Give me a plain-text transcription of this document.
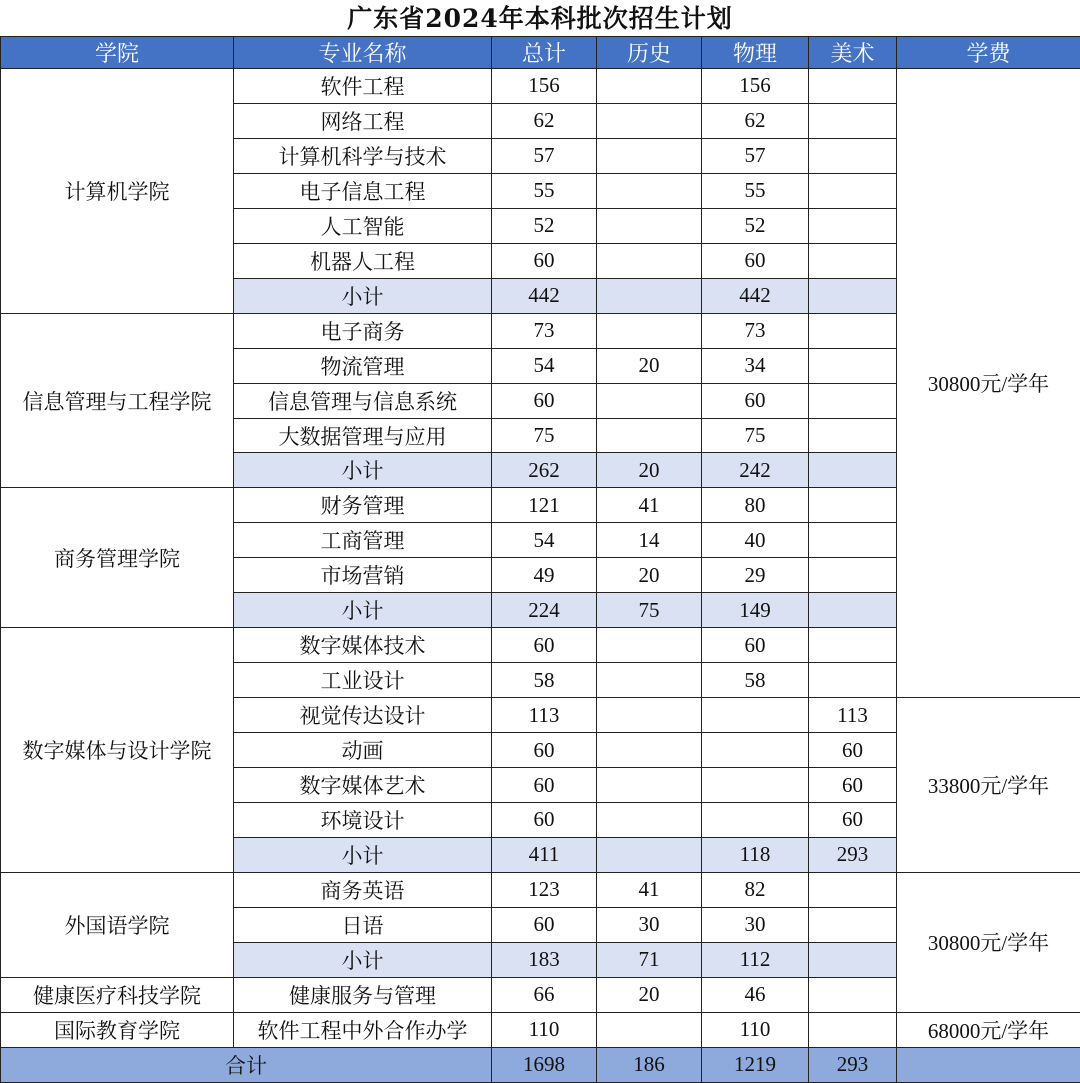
广东省2024年本科批次招生计划
学院	专业名称	总计	历史	物理	美术	学费
计算机学院	软件工程	156		156		30800元/学年
	网络工程	62		62		
	计算机科学与技术	57		57		
	电子信息工程	55		55		
	人工智能	52		52		
	机器人工程	60		60		
	小计	442		442		
信息管理与工程学院	电子商务	73		73		
	物流管理	54	20	34		
	信息管理与信息系统	60		60		
	大数据管理与应用	75		75		
	小计	262	20	242		
商务管理学院	财务管理	121	41	80		
	工商管理	54	14	40		
	市场营销	49	20	29		
	小计	224	75	149		
数字媒体与设计学院	数字媒体技术	60		60		
	工业设计	58		58		
	视觉传达设计	113			113	33800元/学年
	动画	60			60	
	数字媒体艺术	60			60	
	环境设计	60			60	
	小计	411		118	293	
外国语学院	商务英语	123	41	82		30800元/学年
	日语	60	30	30		
	小计	183	71	112		
健康医疗科技学院	健康服务与管理	66	20	46		
国际教育学院	软件工程中外合作办学	110		110		68000元/学年
合计		1698	186	1219	293	
